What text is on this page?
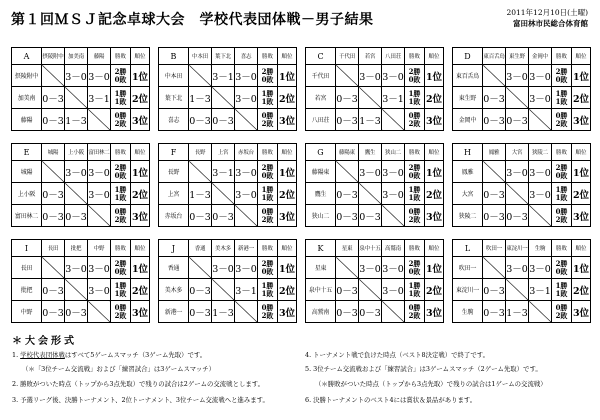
第１回ＭＳＪ記念卓球大会　学校代表団体戦－男子結果	2011年12月10日(土曜)
富田林市民総合体育館
A	摂陵附中	加美南	藤陽	勝敗	順位
摂陵附中		3－0	3－0	2勝
0敗	1位
加美南	0－3		3－1	1勝
1敗	2位
藤陽	0－3	1－3		0勝
2敗	3位
B	中本田	葉下北	喜志	勝敗	順位
中本田		3－1	3－0	2勝
0敗	1位
葉下北	1－3		3－0	1勝
1敗	2位
喜志	0－3	0－3		0勝
2敗	3位
C	千代田	若宮	八田荘	勝敗	順位
千代田		3－0	3－0	2勝
0敗	1位
若宮	0－3		3－1	1勝
1敗	2位
八田荘	0－3	1－3		0勝
2敗	3位
D	東百舌鳥	東生野	金岡中	勝敗	順位
東百舌鳥		3－0	3－0	2勝
0敗	1位
東生野	0－3		3－0	1勝
1敗	2位
金岡中	0－3	0－3		0勝
2敗	3位
E	城陽	上小阪	富田林二	勝敗	順位
城陽		3－0	3－0	2勝
0敗	1位
上小阪	0－3		3－0	1勝
1敗	2位
富田林二	0－3	0－3		0勝
2敗	3位
F	長野	上宮	赤坂台	勝敗	順位
長野		3－1	3－0	2勝
0敗	1位
上宮	1－3		3－0	1勝
1敗	2位
赤坂台	0－3	0－3		0勝
2敗	3位
G	藤陽東	鷹生	狭山二	勝敗	順位
藤陽東		3－0	3－0	2勝
0敗	1位
鷹生	0－3		3－0	1勝
1敗	2位
狭山二	0－3	0－3		0勝
2敗	3位
H	鳳雅	大宮	狭陵二	勝敗	順位
鳳雅		3－0	3－0	2勝
0敗	1位
大宮	0－3		3－0	1勝
1敗	2位
狭陵二	0－3	0－3		0勝
2敗	3位
I	長田	批把	中野	勝敗	順位
長田		3－0	3－0	2勝
0敗	1位
批把	0－3		3－0	1勝
1敗	2位
中野	0－3	0－3		0勝
2敗	3位
J	香通	美木多	新港一	勝敗	順位
香通		3－0	3－0	2勝
0敗	1位
美木多	0－3		3－1	1勝
1敗	2位
新港一	0－3	1－3		0勝
2敗	3位
K	星東	泉中十五	高鷲南	勝敗	順位
星東		3－0	3－0	2勝
0敗	1位
泉中十五	0－3		3－0	1勝
1敗	2位
高鷲南	0－3	0－3		0勝
2敗	3位
L	吹田一	東淀川一	生駒	勝敗	順位
吹田一		3－0	3－0	2勝
0敗	1位
東淀川一	0－3		3－1	1勝
1敗	2位
生駒	0－3	1－3		0勝
2敗	3位
＊大会形式
1. 学校代表団体戦はすべて5ゲームスマッチ（3ゲーム先取）です。
（＊「3位チーム交流戦」および「練習試合」は3ゲームスマッチ）
2. 勝敗がついた時点（トップから3点先取）で残りの試合は2ゲームの交流戦とします。
3. 予選リーグ後、決勝トーナメント、2位トーナメント、3位チーム交流戦へと進みます。
4. トーナメント戦で負けた時点（ベスト8決定戦）で終了です。
5. 3位チーム交流戦および「練習試合」は3ゲームスマッチ（2ゲーム先取）です。
（＊勝敗がついた時点（トップから3点先取）で残りの試合は1ゲームの交流戦）
6. 決勝トーナメントのベスト4には賞状＆景品があります。
